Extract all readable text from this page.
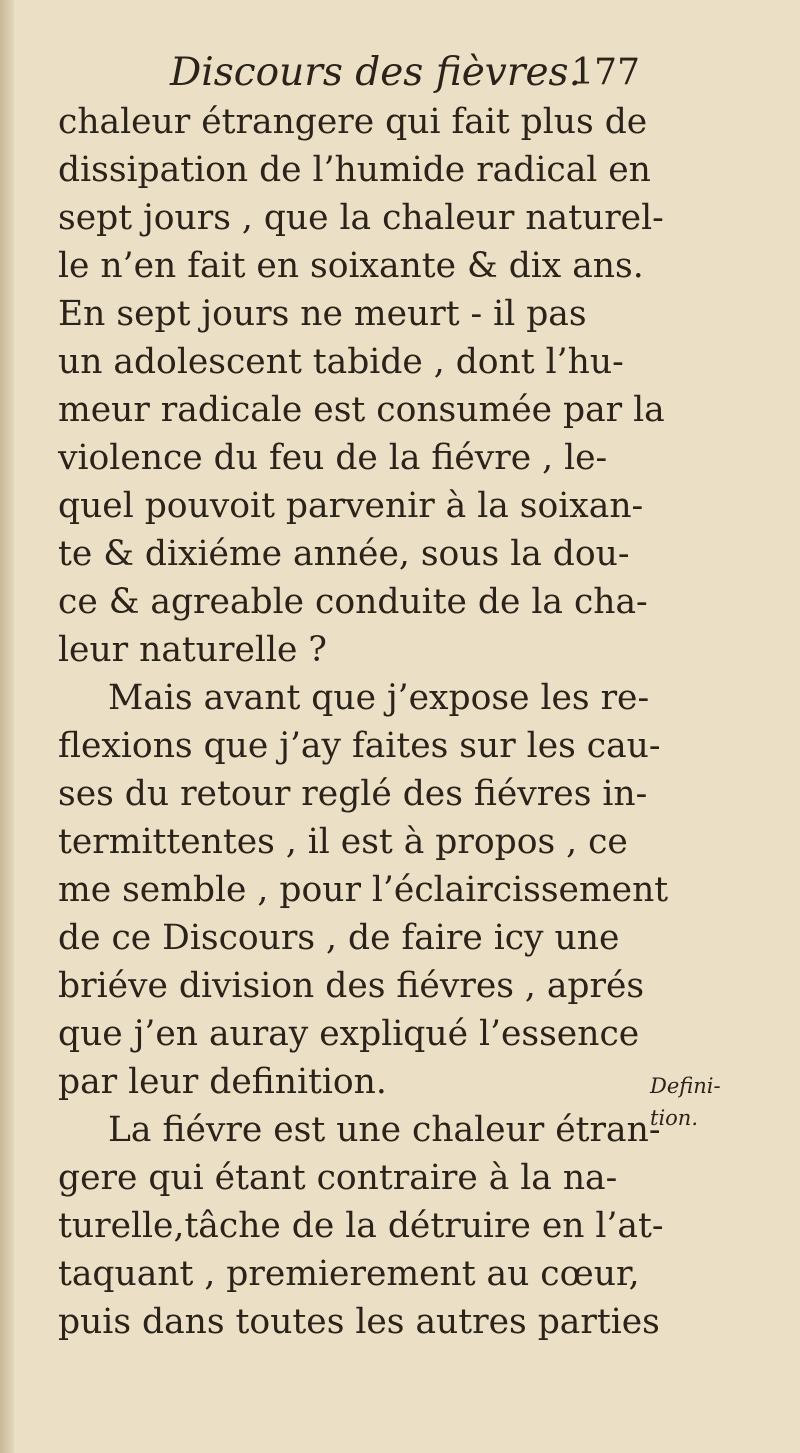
Discours des fièvres.
177
chaleur étrangere qui fait plus de
dissipation de l’humide radical en
sept jours , que la chaleur naturel-
le n’en fait en soixante & dix ans.
En sept jours ne meurt - il pas
un adolescent tabide , dont l’hu-
meur radicale est consumée par la
violence du feu de la fiévre , le-
quel pouvoit parvenir à la soixan-
te & dixiéme année, sous la dou-
ce & agreable conduite de la cha-
leur naturelle ?
Mais avant que j’expose les re-
flexions que j’ay faites sur les cau-
ses du retour reglé des fiévres in-
termittentes , il est à propos , ce
me semble , pour l’éclaircissement
de ce Discours , de faire icy une
briéve division des fiévres , aprés
que j’en auray expliqué l’essence
par leur definition.
La fiévre est une chaleur étran-
gere qui étant contraire à la na-
turelle,tâche de la détruire en l’at-
taquant , premierement au cœur,
puis dans toutes les autres parties
Defini-
tion.
